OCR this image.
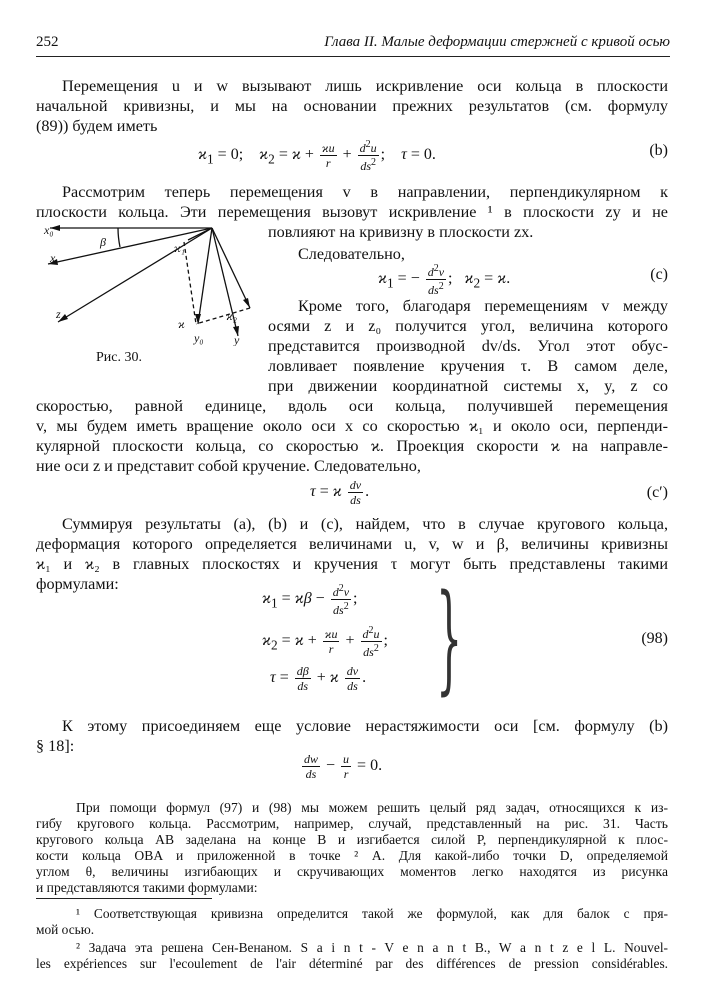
252	Глава II. Малые деформации стержней с кривой осью
Перемещения u и w вызывают лишь искривление оси кольца в плоскости
начальной кривизны, и мы на основании прежних результатов (см. формулу
(89)) будем иметь
$ϰ_1 = 0$;    $ϰ_2 = ϰ + \frac{ϰu}{r} + \frac{d^2u}{ds^2}$ ;    τ = 0.	(b)
Рассмотрим теперь перемещения v в направлении, перпендикулярном к
плоскости кольца. Эти перемещения вызовут искривление ¹ в плоскости zy и не
повлияют на кривизну в плоскости zx.
Следовательно,
$ϰ_1$ = − $\frac{d^2v}{ds^2}$ ;   $ϰ_2 = ϰ$.	(c)
x₀
x
z
β	ϰ₁
ϰ
ϰ₂
y₀	y
Рис. 30.
Кроме того, благодаря перемещениям v между
осями z и z₀ получится угол, величина которого
представится производной dv/ds. Угол этот обус-
ловливает появление кручения τ. В самом деле,
при движении координатной системы x, y, z со
скоростью, равной единице, вдоль оси кольца, получившей перемещения
v, мы будем иметь вращение около оси x со скоростью ϰ₁ и около оси, перпенди-
кулярной плоскости кольца, со скоростью ϰ. Проекция скорости ϰ на направле-
ние оси z и представит собой кручение. Следовательно,
τ = ϰ $\frac{dv}{ds}$ .	(c′)
Суммируя результаты (a), (b) и (c), найдем, что в случае кругового кольца,
деформация которого определяется величинами u, v, w и β, величины кривизны
ϰ₁ и ϰ₂ в главных плоскостях и кручения τ могут быть представлены такими
формулами:
$ϰ_1 = ϰ\beta - \frac{d^2v}{ds^2}$ ;
$ϰ_2 = ϰ + \frac{ϰu}{r} + \frac{d^2u}{ds^2}$ ;
$\tau = \frac{d\beta}{ds} + ϰ \frac{dv}{ds}$ . }	(98)
К этому присоединяем еще условие нерастяжимости оси [см. формулу (b)
§ 18]:
$\frac{dw}{ds} - \frac{u}{r} = 0$.
При помощи формул (97) и (98) мы можем решить целый ряд задач, относящихся к из-
гибу кругового кольца. Рассмотрим, например, случай, представленный на рис. 31. Часть
кругового кольца AB заделана на конце B и изгибается силой P, перпендикулярной к плос-
кости кольца OBA и приложенной в точке ² A. Для какой-либо точки D, определяемой
углом θ, величины изгибающих и скручивающих моментов легко находятся из рисунка
и представляются такими формулами:
¹ Соответствующая кривизна определится такой же формулой, как для балок с пря-
мой осью.
² Задача эта решена Сен-Венаном. S a i n t - V e n a n t B., W a n t z e l L. Nouvel-
les expériences sur l'ecoulement de l'air déterminé par des différences de pression considérables.
